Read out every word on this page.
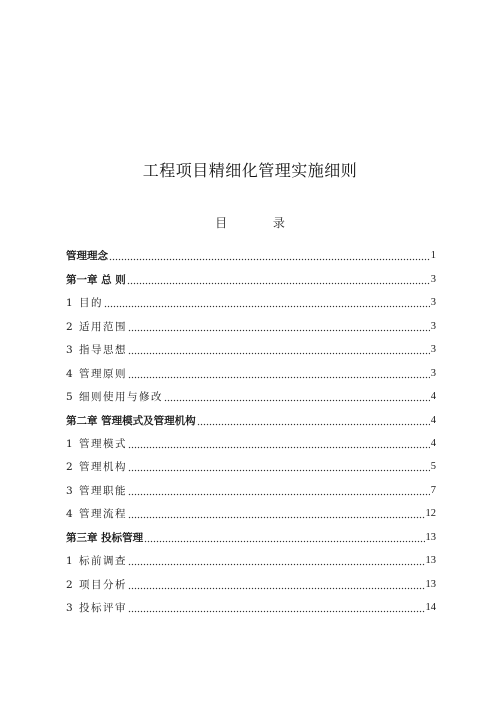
工程项目精细化管理实施细则
目 录
管理理念	1
第一章 总 则	3
1 目的	3
2 适用范围	3
3 指导思想	3
4 管理原则	3
5 细则使用与修改	4
第二章 管理模式及管理机构	4
1 管理模式	4
2 管理机构	5
3 管理职能	7
4 管理流程	12
第三章 投标管理	13
1 标前调查	13
2 项目分析	13
3 投标评审	14
